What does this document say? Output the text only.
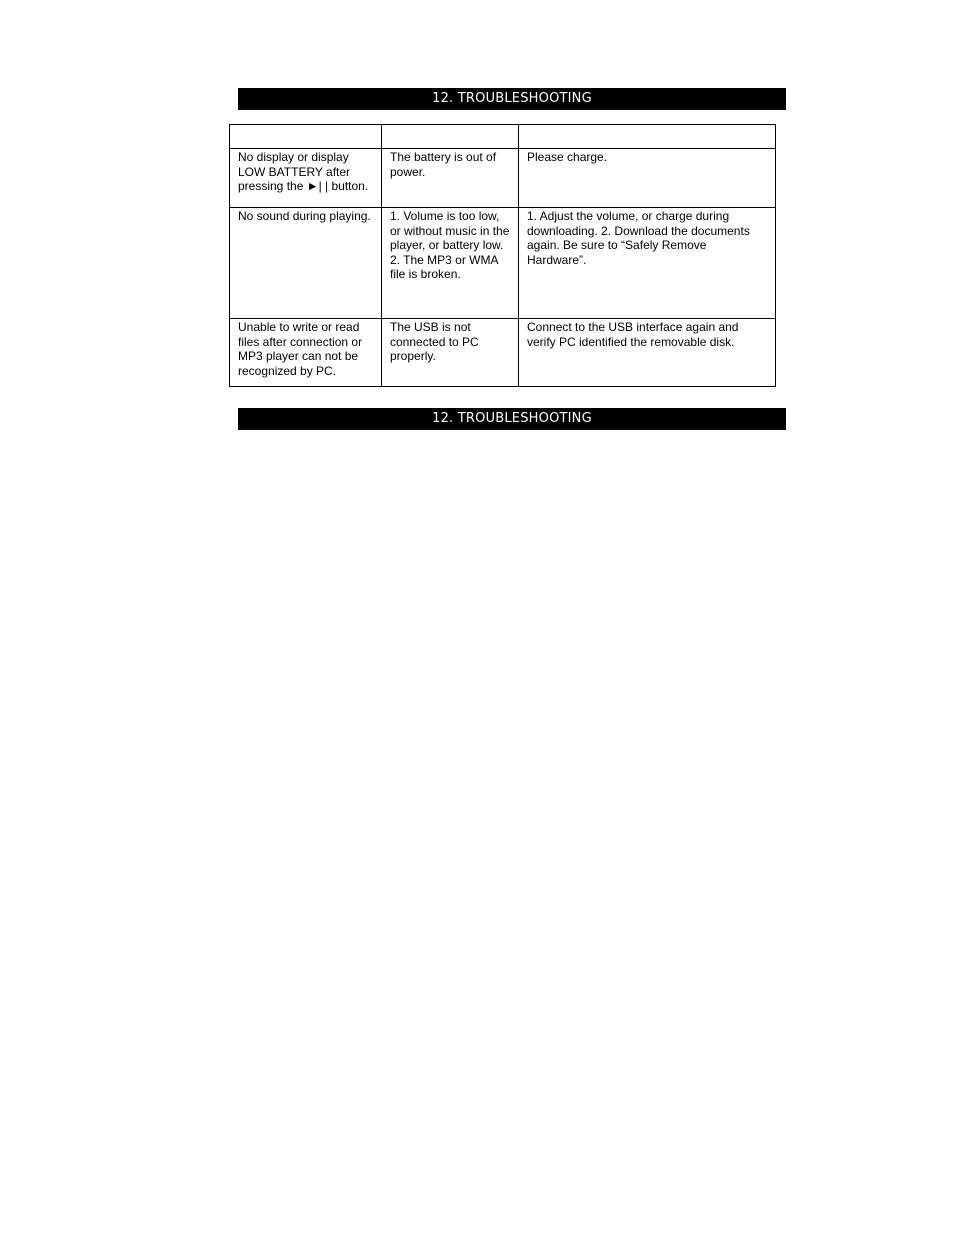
12. TROUBLESHOOTING

No display or display LOW BATTERY after pressing the ►| | button.	The battery is out of power.	Please charge.
No sound during playing.	1. Volume is too low, or without music in the player, or battery low. 2. The MP3 or WMA file is broken.	1. Adjust the volume, or charge during downloading. 2. Download the documents again. Be sure to “Safely Remove Hardware”.
Unable to write or read files after connection or MP3 player can not be recognized by PC.	The USB is not connected to PC properly.	Connect to the USB interface again and verify PC identified the removable disk.
12. TROUBLESHOOTING
